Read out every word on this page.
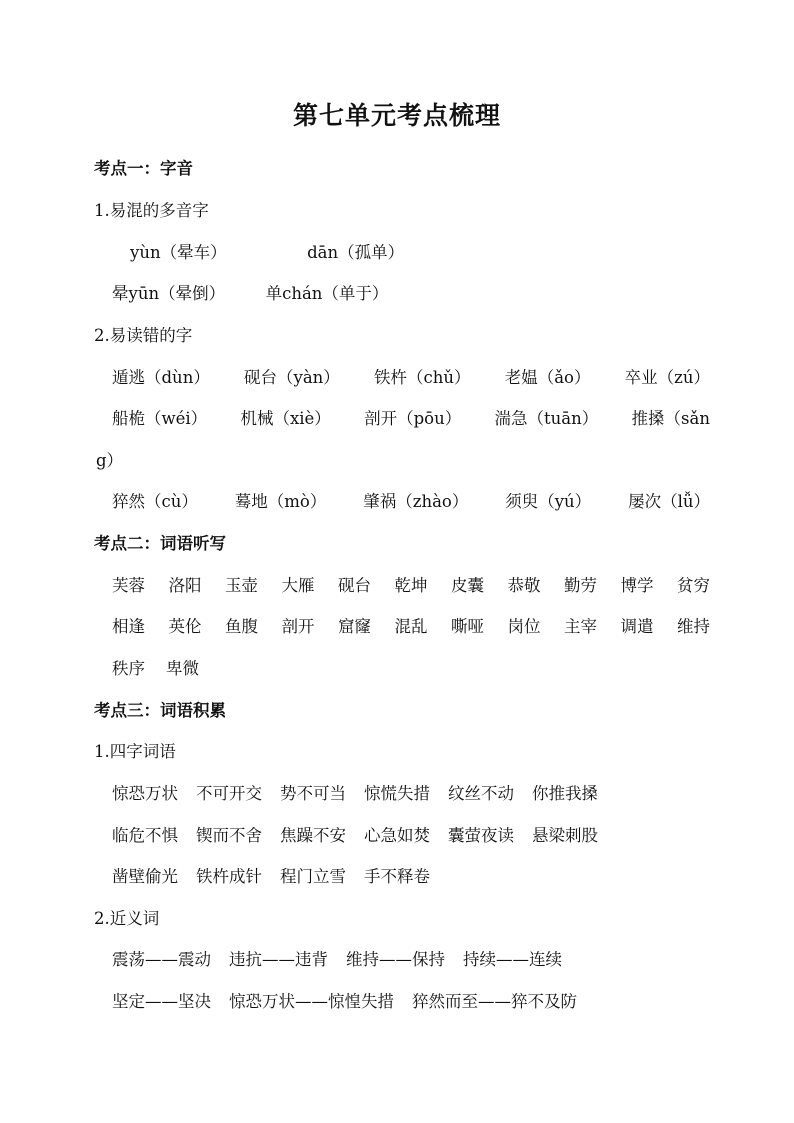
第七单元考点梳理
考点一：字音
1.易混的多音字
yùn（晕车）	dān（孤单）
晕yūn（晕倒） 单chán（单于）
2.易读错的字
遁逃（dùn） 砚台（yàn） 铁杵（chǔ） 老媪（ǎo） 卒业（zú）
船桅（wéi） 机械（xiè） 剖开（pōu） 湍急（tuān） 推搡（sǎn
g）
猝然（cù） 蓦地（mò） 肇祸（zhào） 须臾（yú） 屡次（lǚ）
考点二：词语听写
芙蓉 洛阳 玉壶 大雁 砚台 乾坤 皮囊 恭敬 勤劳 博学 贫穷
相逢 英伦 鱼腹 剖开 窟窿 混乱 嘶哑 岗位 主宰 调遣 维持
秩序 卑微
考点三：词语积累
1.四字词语
惊恐万状 不可开交 势不可当 惊慌失措 纹丝不动 你推我搡
临危不惧 锲而不舍 焦躁不安 心急如焚 囊萤夜读 悬梁刺股
凿壁偷光 铁杵成针 程门立雪 手不释卷
2.近义词
震荡——震动 违抗——违背 维持——保持 持续——连续
坚定——坚决 惊恐万状——惊惶失措 猝然而至——猝不及防
